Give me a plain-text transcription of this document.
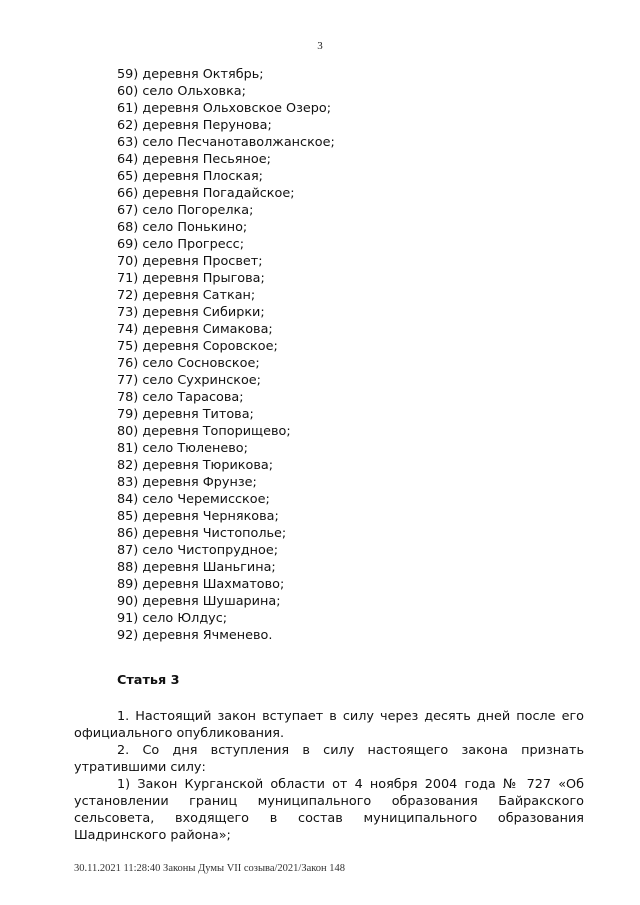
3
59) деревня Октябрь;
60) село Ольховка;
61) деревня Ольховское Озеро;
62) деревня Перунова;
63) село Песчанотаволжанское;
64) деревня Песьяное;
65) деревня Плоская;
66) деревня Погадайское;
67) село Погорелка;
68) село Понькино;
69) село Прогресс;
70) деревня Просвет;
71) деревня Прыгова;
72) деревня Саткан;
73) деревня Сибирки;
74) деревня Симакова;
75) деревня Соровское;
76) село Сосновское;
77) село Сухринское;
78) село Тарасова;
79) деревня Титова;
80) деревня Топорищево;
81) село Тюленево;
82) деревня Тюрикова;
83) деревня Фрунзе;
84) село Черемисское;
85) деревня Чернякова;
86) деревня Чистополье;
87) село Чистопрудное;
88) деревня Шаньгина;
89) деревня Шахматово;
90) деревня Шушарина;
91) село Юлдус;
92) деревня Ячменево.
Статья 3

1. Настоящий закон вступает в силу через десять дней после его официального опубликования.

2. Со дня вступления в силу настоящего закона признать утратившими силу:

1) Закон Курганской области от 4 ноября 2004 года № 727 «Об установлении границ муниципального образования Байракского сельсовета, входящего в состав муниципального образования Шадринского района»;

30.11.2021 11:28:40 Законы Думы VII созыва/2021/Закон 148
